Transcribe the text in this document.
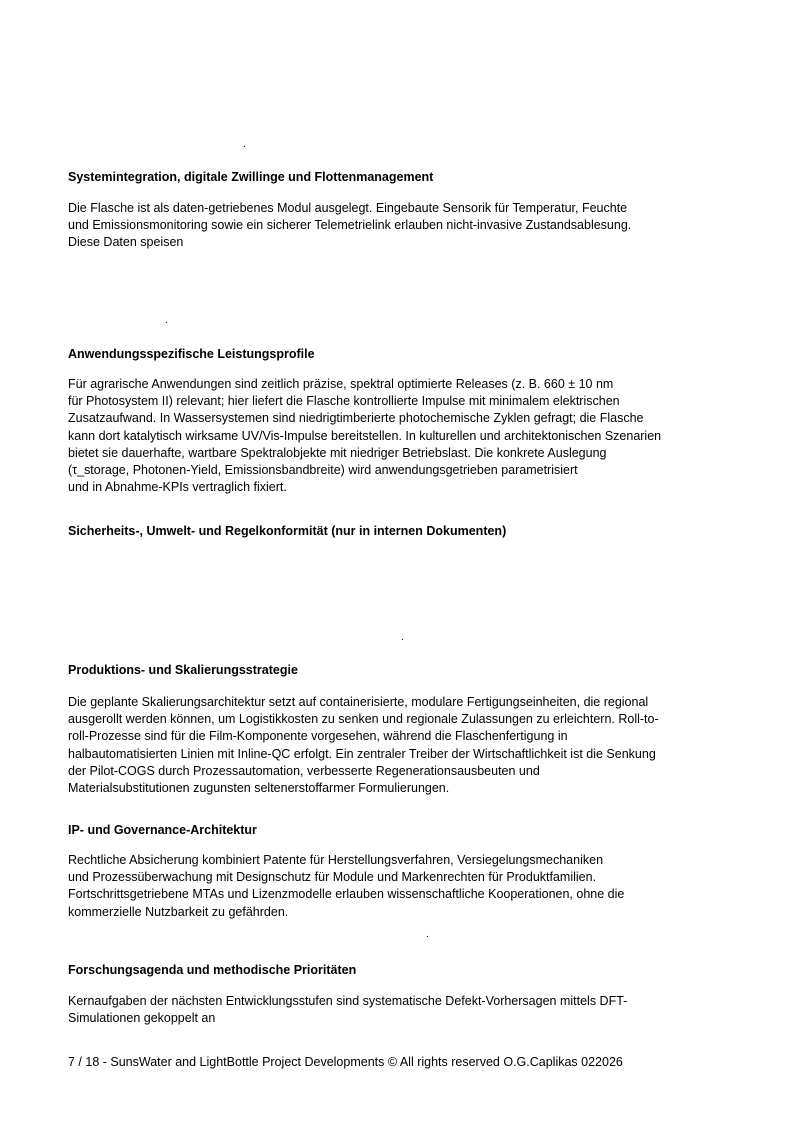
.
Systemintegration, digitale Zwillinge und Flottenmanagement

Die Flasche ist als daten-getriebenes Modul ausgelegt. Eingebaute Sensorik für Temperatur, Feuchte
und Emissionsmonitoring sowie ein sicherer Telemetrielink erlauben nicht-invasive Zustandsablesung.
Diese Daten speisen

.
Anwendungsspezifische Leistungsprofile

Für agrarische Anwendungen sind zeitlich präzise, spektral optimierte Releases (z. B. 660 ± 10 nm
für Photosystem II) relevant; hier liefert die Flasche kontrollierte Impulse mit minimalem elektrischen
Zusatzaufwand. In Wassersystemen sind niedrigtimberierte photochemische Zyklen gefragt; die Flasche
kann dort katalytisch wirksame UV/Vis-Impulse bereitstellen. In kulturellen und architektonischen Szenarien
bietet sie dauerhafte, wartbare Spektralobjekte mit niedriger Betriebslast. Die konkrete Auslegung
(τ_storage, Photonen-Yield, Emissionsbandbreite) wird anwendungsgetrieben parametrisiert
und in Abnahme-KPIs vertraglich fixiert.

Sicherheits-, Umwelt- und Regelkonformität (nur in internen Dokumenten)
.
Produktions- und Skalierungsstrategie

Die geplante Skalierungsarchitektur setzt auf containerisierte, modulare Fertigungseinheiten, die regional
ausgerollt werden können, um Logistikkosten zu senken und regionale Zulassungen zu erleichtern. Roll-to-
roll-Prozesse sind für die Film-Komponente vorgesehen, während die Flaschenfertigung in
halbautomatisierten Linien mit Inline-QC erfolgt. Ein zentraler Treiber der Wirtschaftlichkeit ist die Senkung
der Pilot-COGS durch Prozessautomation, verbesserte Regenerationsausbeuten und
Materialsubstitutionen zugunsten seltenerstoffarmer Formulierungen.

IP- und Governance-Architektur

Rechtliche Absicherung kombiniert Patente für Herstellungsverfahren, Versiegelungsmechaniken
und Prozessüberwachung mit Designschutz für Module und Markenrechten für Produktfamilien.
Fortschrittsgetriebene MTAs und Lizenzmodelle erlauben wissenschaftliche Kooperationen, ohne die
kommerzielle Nutzbarkeit zu gefährden.

.
Forschungsagenda und methodische Prioritäten

Kernaufgaben der nächsten Entwicklungsstufen sind systematische Defekt-Vorhersagen mittels DFT-
Simulationen gekoppelt an

7 / 18 - SunsWater and LightBottle Project Developments © All rights reserved O.G.Caplikas 022026
